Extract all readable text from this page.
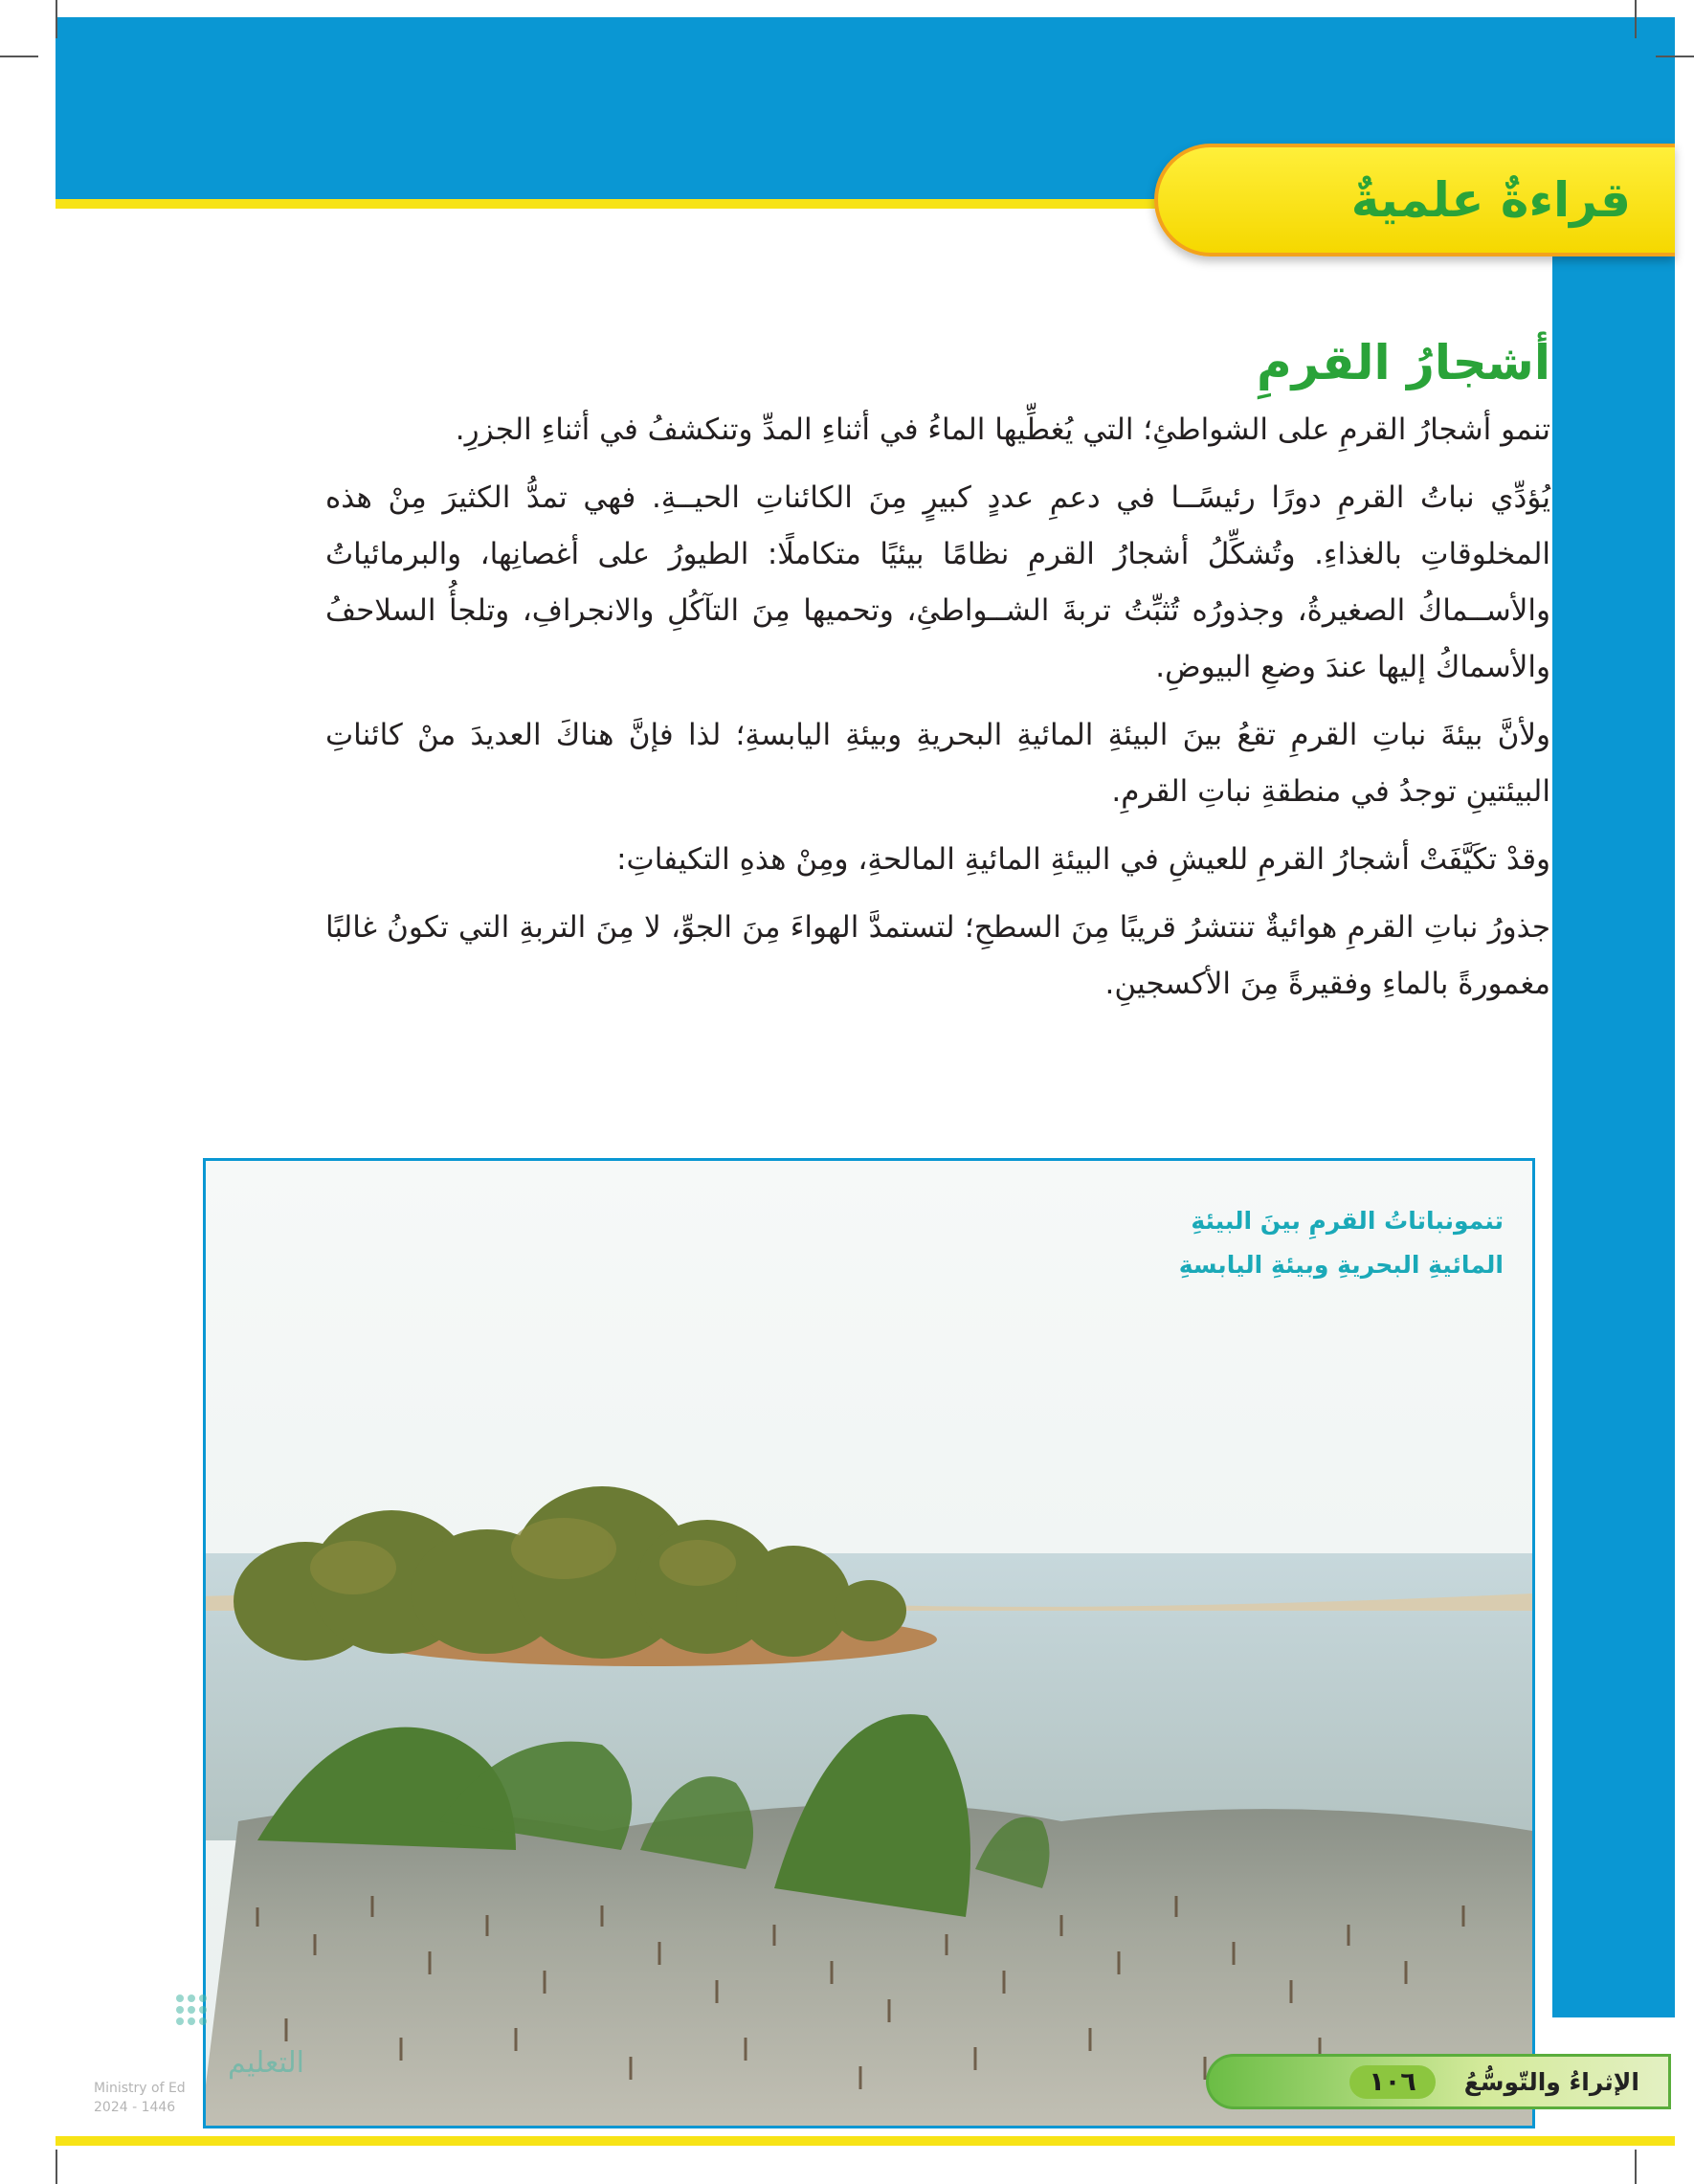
قراءةٌ علميةٌ
أشجارُ القرمِ

تنمو أشجارُ القرمِ على الشواطئِ؛ التي يُغطِّيها الماءُ في أثناءِ المدِّ وتنكشفُ في أثناءِ الجزرِ.

يُؤدِّي نباتُ القرمِ دورًا رئيسًــا في دعمِ عددٍ كبيرٍ مِنَ الكائناتِ الحيــةِ. فهي تمدُّ الكثيرَ مِنْ هذه المخلوقاتِ بالغذاءِ. وتُشكِّلُ أشجارُ القرمِ نظامًا بيئيًا متكاملًا: الطيورُ على أغصانِها، والبرمائياتُ والأســماكُ الصغيرةُ، وجذورُه تُثبِّتُ تربةَ الشــواطئِ، وتحميها مِنَ التآكُلِ والانجرافِ، وتلجأُ السلاحفُ والأسماكُ إليها عندَ وضعِ البيوضِ.

ولأنَّ بيئةَ نباتِ القرمِ تقعُ بينَ البيئةِ المائيةِ البحريةِ وبيئةِ اليابسةِ؛ لذا فإنَّ هناكَ العديدَ منْ كائناتِ البيئتينِ توجدُ في منطقةِ نباتِ القرمِ.

وقدْ تكَيَّفَتْ أشجارُ القرمِ للعيشِ في البيئةِ المائيةِ المالحةِ، ومِنْ هذهِ التكيفاتِ:

جذورُ نباتِ القرمِ هوائيةٌ تنتشرُ قريبًا مِنَ السطحِ؛ لتستمدَّ الهواءَ مِنَ الجوِّ، لا مِنَ التربةِ التي تكونُ غالبًا مغمورةً بالماءِ وفقيرةً مِنَ الأكسجينِ.

تنمونباتاتُ القرمِ بينَ البيئةِ
المائيةِ البحريةِ وبيئةِ اليابسةِ
التعليم
Ministry of Ed
2024 - 1446
الإثراءُ والتّوسُّعُ
١٠٦
